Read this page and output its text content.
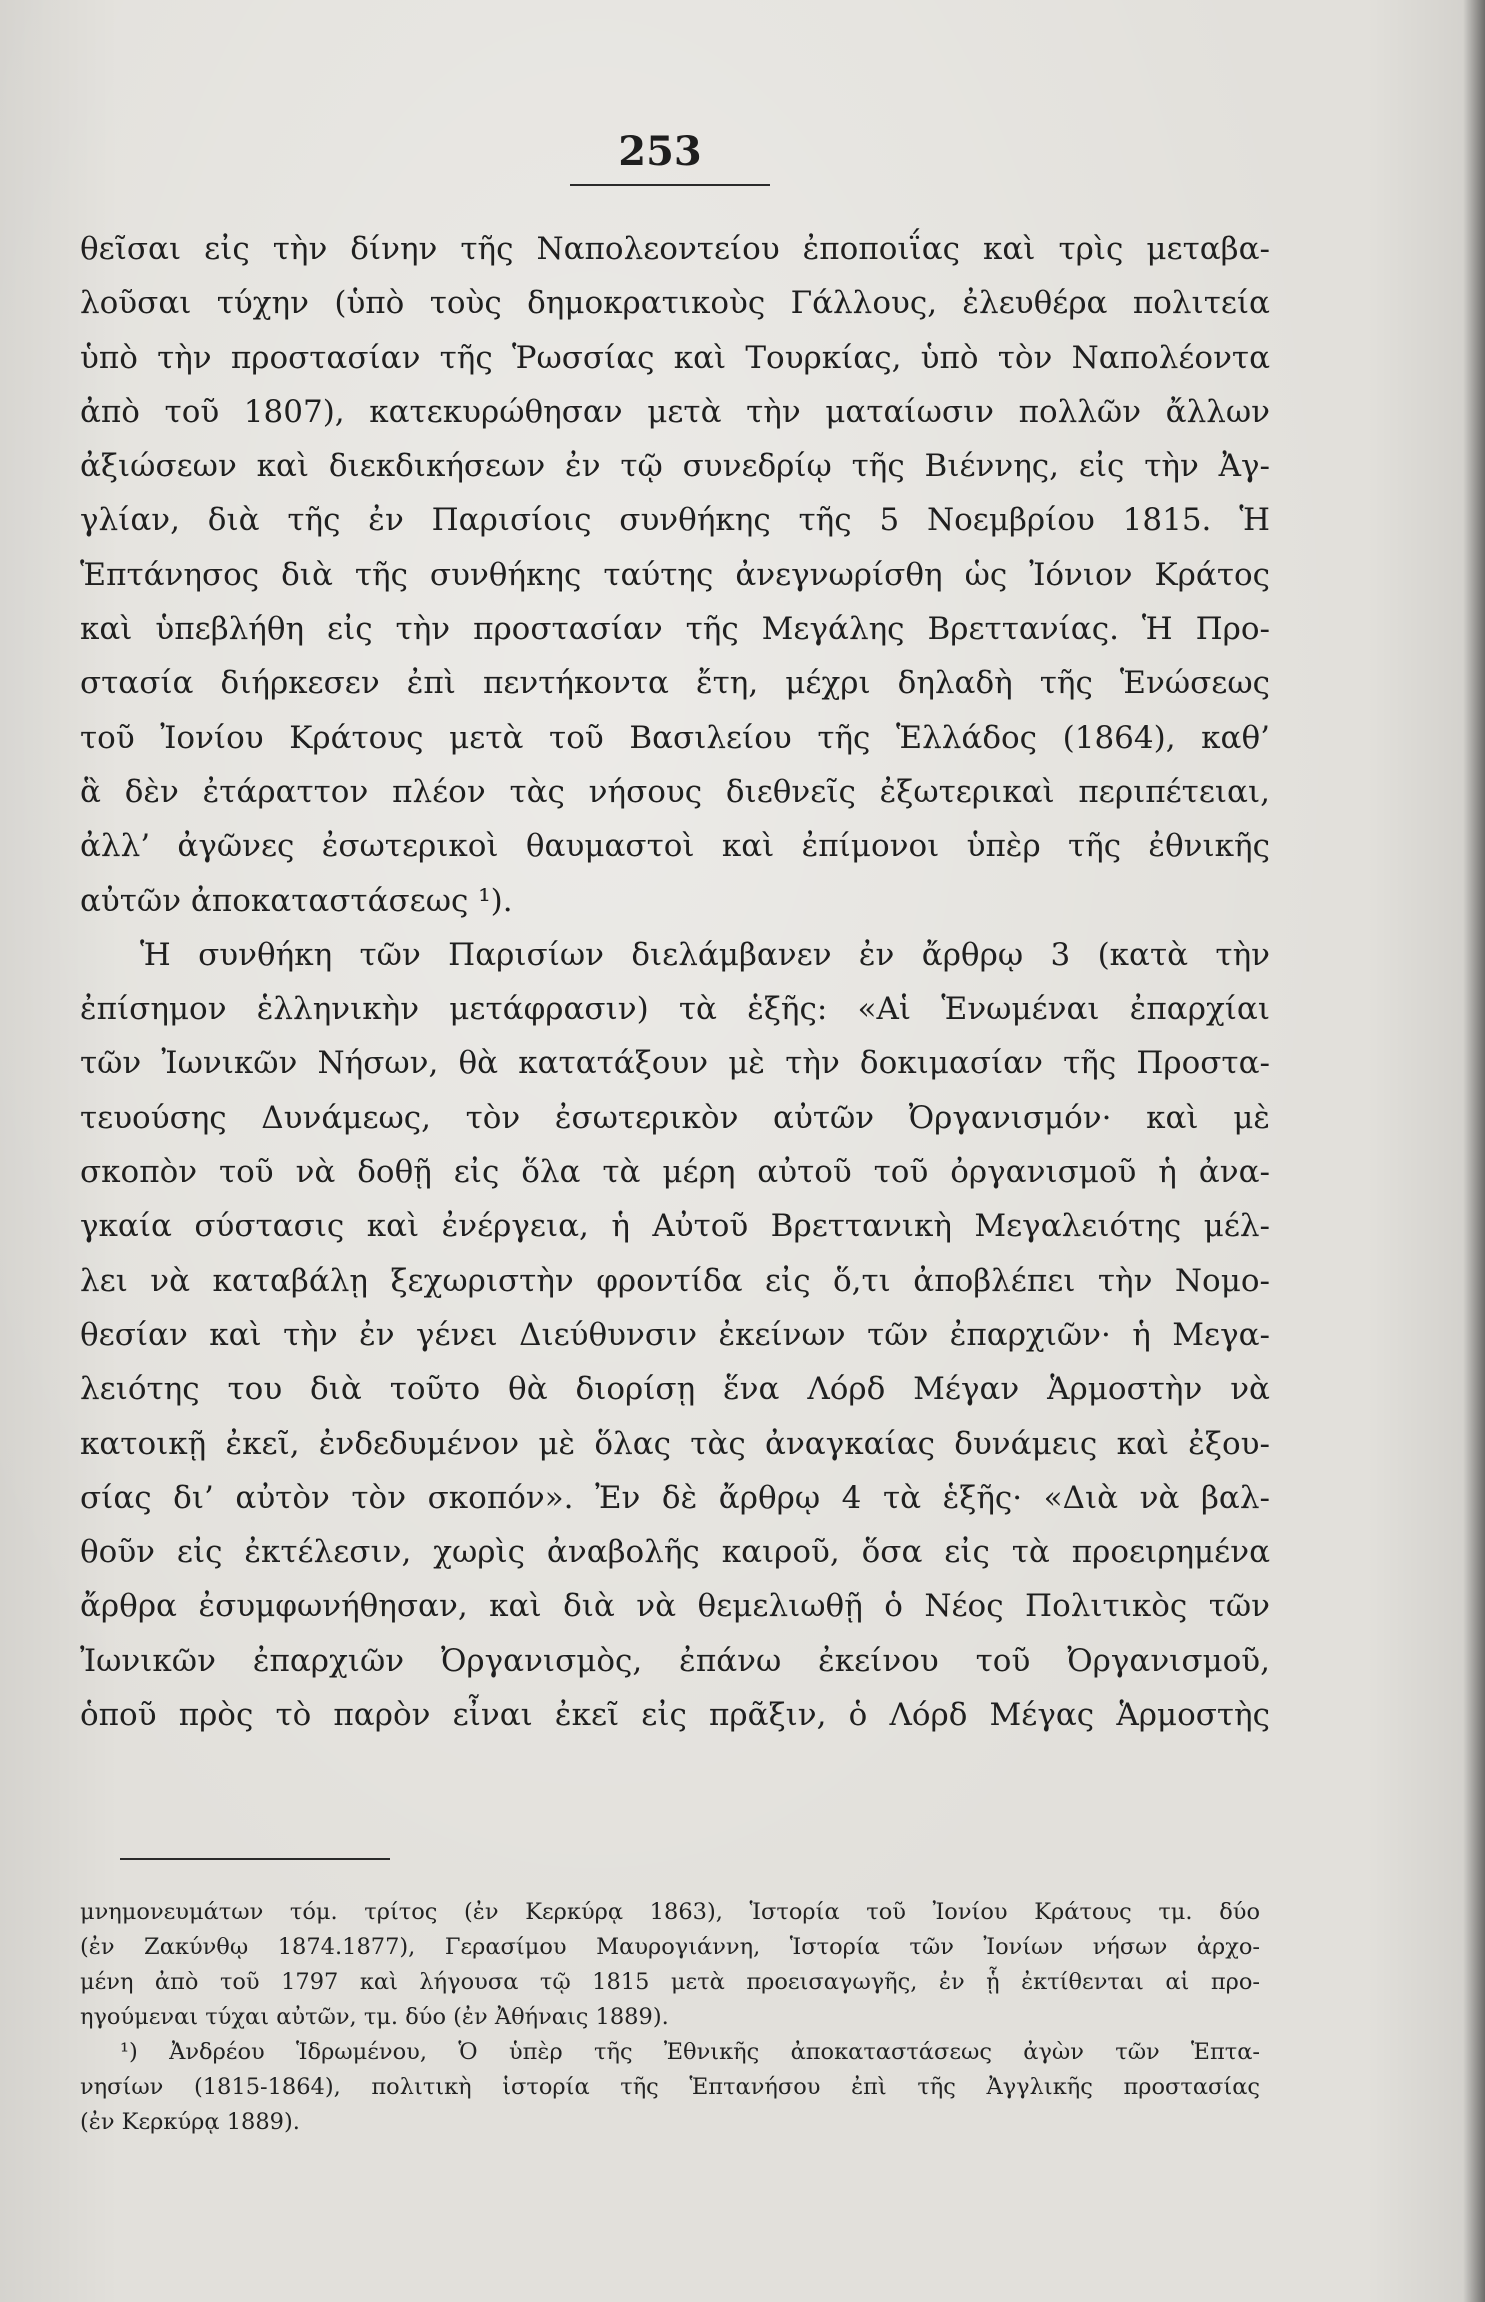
253
θεῖσαι εἰς τὴν δίνην τῆς Ναπολεοντείου ἐποποιΐας καὶ τρὶς μεταβα-
λοῦσαι τύχην (ὑπὸ τοὺς δημοκρατικοὺς Γάλλους, ἐλευθέρα πολιτεία
ὑπὸ τὴν προστασίαν τῆς Ῥωσσίας καὶ Τουρκίας, ὑπὸ τὸν Ναπολέοντα
ἀπὸ τοῦ 1807), κατεκυρώθησαν μετὰ τὴν ματαίωσιν πολλῶν ἄλλων
ἀξιώσεων καὶ διεκδικήσεων ἐν τῷ συνεδρίῳ τῆς Βιέννης, εἰς τὴν Ἀγ-
γλίαν, διὰ τῆς ἐν Παρισίοις συνθήκης τῆς 5 Νοεμβρίου 1815. Ἡ
Ἑπτάνησος διὰ τῆς συνθήκης ταύτης ἀνεγνωρίσθη ὡς Ἰόνιον Κράτος
καὶ ὑπεβλήθη εἰς τὴν προστασίαν τῆς Μεγάλης Βρεττανίας. Ἡ Προ-
στασία διήρκεσεν ἐπὶ πεντήκοντα ἔτη, μέχρι δηλαδὴ τῆς Ἑνώσεως
τοῦ Ἰονίου Κράτους μετὰ τοῦ Βασιλείου τῆς Ἑλλάδος (1864), καθ’
ἃ δὲν ἐτάραττον πλέον τὰς νήσους διεθνεῖς ἐξωτερικαὶ περιπέτειαι,
ἀλλ’ ἀγῶνες ἐσωτερικοὶ θαυμαστοὶ καὶ ἐπίμονοι ὑπὲρ τῆς ἐθνικῆς
αὐτῶν ἀποκαταστάσεως ¹).
Ἡ συνθήκη τῶν Παρισίων διελάμβανεν ἐν ἄρθρῳ 3 (κατὰ τὴν
ἐπίσημον ἑλληνικὴν μετάφρασιν) τὰ ἑξῆς: «Αἱ Ἑνωμέναι ἐπαρχίαι
τῶν Ἰωνικῶν Νήσων, θὰ κατατάξουν μὲ τὴν δοκιμασίαν τῆς Προστα-
τευούσης Δυνάμεως, τὸν ἐσωτερικὸν αὐτῶν Ὀργανισμόν· καὶ μὲ
σκοπὸν τοῦ νὰ δοθῇ εἰς ὅλα τὰ μέρη αὐτοῦ τοῦ ὀργανισμοῦ ἡ ἀνα-
γκαία σύστασις καὶ ἐνέργεια, ἡ Αὐτοῦ Βρεττανικὴ Μεγαλειότης μέλ-
λει νὰ καταβάλῃ ξεχωριστὴν φροντίδα εἰς ὅ,τι ἀποβλέπει τὴν Νομο-
θεσίαν καὶ τὴν ἐν γένει Διεύθυνσιν ἐκείνων τῶν ἐπαρχιῶν· ἡ Μεγα-
λειότης του διὰ τοῦτο θὰ διορίσῃ ἕνα Λόρδ Μέγαν Ἁρμοστὴν νὰ
κατοικῇ ἐκεῖ, ἐνδεδυμένον μὲ ὅλας τὰς ἀναγκαίας δυνάμεις καὶ ἐξου-
σίας δι’ αὐτὸν τὸν σκοπόν». Ἐν δὲ ἄρθρῳ 4 τὰ ἑξῆς· «Διὰ νὰ βαλ-
θοῦν εἰς ἐκτέλεσιν, χωρὶς ἀναβολῆς καιροῦ, ὅσα εἰς τὰ προειρημένα
ἄρθρα ἐσυμφωνήθησαν, καὶ διὰ νὰ θεμελιωθῇ ὁ Νέος Πολιτικὸς τῶν
Ἰωνικῶν ἐπαρχιῶν Ὀργανισμὸς, ἐπάνω ἐκείνου τοῦ Ὀργανισμοῦ,
ὁποῦ πρὸς τὸ παρὸν εἶναι ἐκεῖ εἰς πρᾶξιν, ὁ Λόρδ Μέγας Ἁρμοστὴς
μνημονευμάτων τόμ. τρίτος (ἐν Κερκύρᾳ 1863), Ἱστορία τοῦ Ἰονίου Κράτους τμ. δύο
(ἐν Ζακύνθῳ 1874.1877), Γερασίμου Μαυρογιάννη, Ἱστορία τῶν Ἰονίων νήσων ἀρχο-
μένη ἀπὸ τοῦ 1797 καὶ λήγουσα τῷ 1815 μετὰ προεισαγωγῆς, ἐν ᾗ ἐκτίθενται αἱ προ-
ηγούμεναι τύχαι αὐτῶν, τμ. δύο (ἐν Ἀθήναις 1889).
¹) Ἀνδρέου Ἱδρωμένου, Ὁ ὑπὲρ τῆς Ἐθνικῆς ἀποκαταστάσεως ἀγὼν τῶν Ἑπτα-
νησίων (1815-1864), πολιτικὴ ἱστορία τῆς Ἑπτανήσου ἐπὶ τῆς Ἀγγλικῆς προστασίας
(ἐν Κερκύρᾳ 1889).
